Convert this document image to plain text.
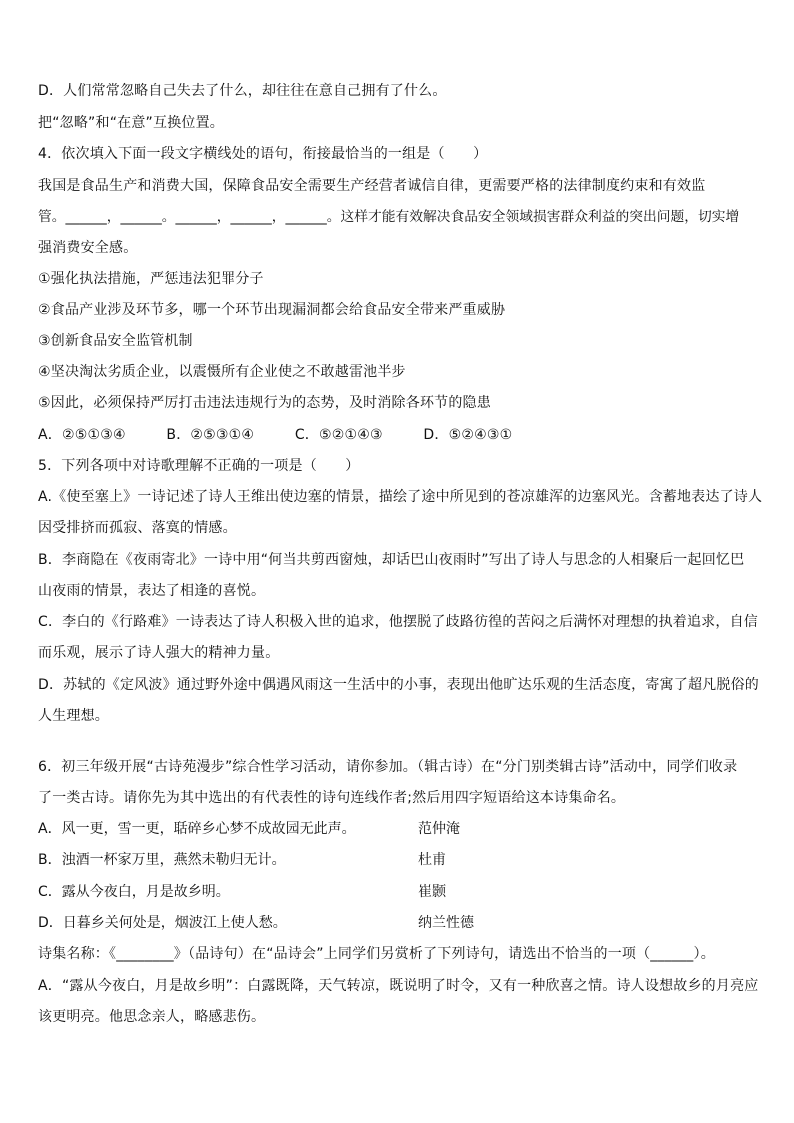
D．人们常常忽略自己失去了什么，却往往在意自己拥有了什么。
把“忽略”和“在意”互换位置。
4．依次填入下面一段文字横线处的语句，衔接最恰当的一组是（　　）
我国是食品生产和消费大国，保障食品安全需要生产经营者诚信自律，更需要严格的法律制度约束和有效监
管。______，______。______，______，______。这样才能有效解决食品安全领域损害群众利益的突出问题，切实增
强消费安全感。
①强化执法措施，严惩违法犯罪分子
②食品产业涉及环节多，哪一个环节出现漏洞都会给食品安全带来严重威胁
③创新食品安全监管机制
④坚决淘汰劣质企业，以震慑所有企业使之不敢越雷池半步
⑤因此，必须保持严厉打击违法违规行为的态势，及时消除各环节的隐患
A．②⑤①③④	B．②⑤③①④	C．⑤②①④③	D．⑤②④③①
5．下列各项中对诗歌理解不正确的一项是（　　）
A.《使至塞上》一诗记述了诗人王维出使边塞的情景，描绘了途中所见到的苍凉雄浑的边塞风光。含蓄地表达了诗人
因受排挤而孤寂、落寞的情感。
B．李商隐在《夜雨寄北》一诗中用“何当共剪西窗烛，却话巴山夜雨时”写出了诗人与思念的人相聚后一起回忆巴
山夜雨的情景，表达了相逢的喜悦。
C．李白的《行路难》一诗表达了诗人积极入世的追求，他摆脱了歧路彷徨的苦闷之后满怀对理想的执着追求，自信
而乐观，展示了诗人强大的精神力量。
D．苏轼的《定风波》通过野外途中偶遇风雨这一生活中的小事，表现出他旷达乐观的生活态度，寄寓了超凡脱俗的
人生理想。
6．初三年级开展“古诗苑漫步”综合性学习活动，请你参加。（辑古诗）在“分门别类辑古诗”活动中，同学们收录
了一类古诗。请你先为其中选出的有代表性的诗句连线作者;然后用四字短语给这本诗集命名。
A．风一更，雪一更，聒碎乡心梦不成故园无此声。	范仲淹
B．浊酒一杯家万里，燕然未勒归无计。	杜甫
C．露从今夜白，月是故乡明。	崔颢
D．日暮乡关何处是，烟波江上使人愁。	纳兰性德
诗集名称：《________》（品诗句）在“品诗会”上同学们另赏析了下列诗句，请选出不恰当的一项（______）。
A．“露从今夜白，月是故乡明”：白露既降，天气转凉，既说明了时令，又有一种欣喜之情。诗人设想故乡的月亮应
该更明亮。他思念亲人，略感悲伤。
